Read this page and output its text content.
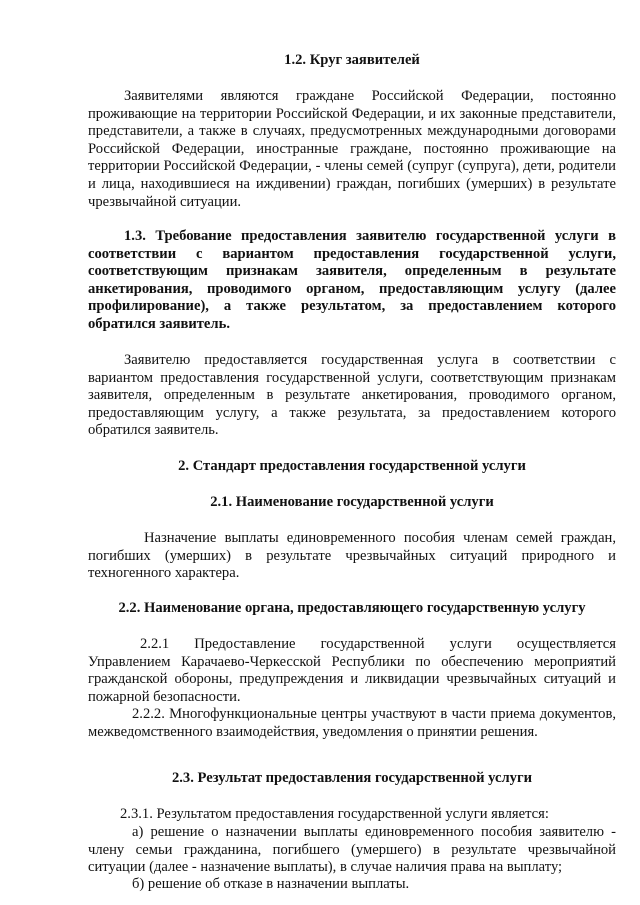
1.2. Круг заявителей

Заявителями являются граждане Российской Федерации, постоянно проживающие на территории Российской Федерации, и их законные представители, представители, а также в случаях, предусмотренных международными договорами Российской Федерации, иностранные граждане, постоянно проживающие на территории Российской Федерации, - члены семей (супруг (супруга), дети, родители и лица, находившиеся на иждивении) граждан, погибших (умерших) в результате чрезвычайной ситуации.

1.3. Требование предоставления заявителю государственной услуги в соответствии с вариантом предоставления государственной услуги, соответствующим признакам заявителя, определенным в результате анкетирования, проводимого органом, предоставляющим услугу (далее профилирование), а также результатом, за предоставлением которого обратился заявитель.

Заявителю предоставляется государственная услуга в соответствии с вариантом предоставления государственной услуги, соответствующим признакам заявителя, определенным в результате анкетирования, проводимого органом, предоставляющим услугу, а также результата, за предоставлением которого обратился заявитель.

2. Стандарт предоставления государственной услуги

2.1. Наименование государственной услуги

Назначение выплаты единовременного пособия членам семей граждан, погибших (умерших) в результате чрезвычайных ситуаций природного и техногенного характера.

2.2. Наименование органа, предоставляющего государственную услугу

2.2.1 Предоставление государственной услуги осуществляется Управлением Карачаево-Черкесской Республики по обеспечению мероприятий гражданской обороны, предупреждения и ликвидации чрезвычайных ситуаций и пожарной безопасности.

2.2.2. Многофункциональные центры участвуют в части приема документов, межведомственного взаимодействия, уведомления о принятии решения.

2.3. Результат предоставления государственной услуги

2.3.1. Результатом предоставления государственной услуги является:

а) решение о назначении выплаты единовременного пособия заявителю - члену семьи гражданина, погибшего (умершего) в результате чрезвычайной ситуации (далее - назначение выплаты), в случае наличия права на выплату;

б) решение об отказе в назначении выплаты.
